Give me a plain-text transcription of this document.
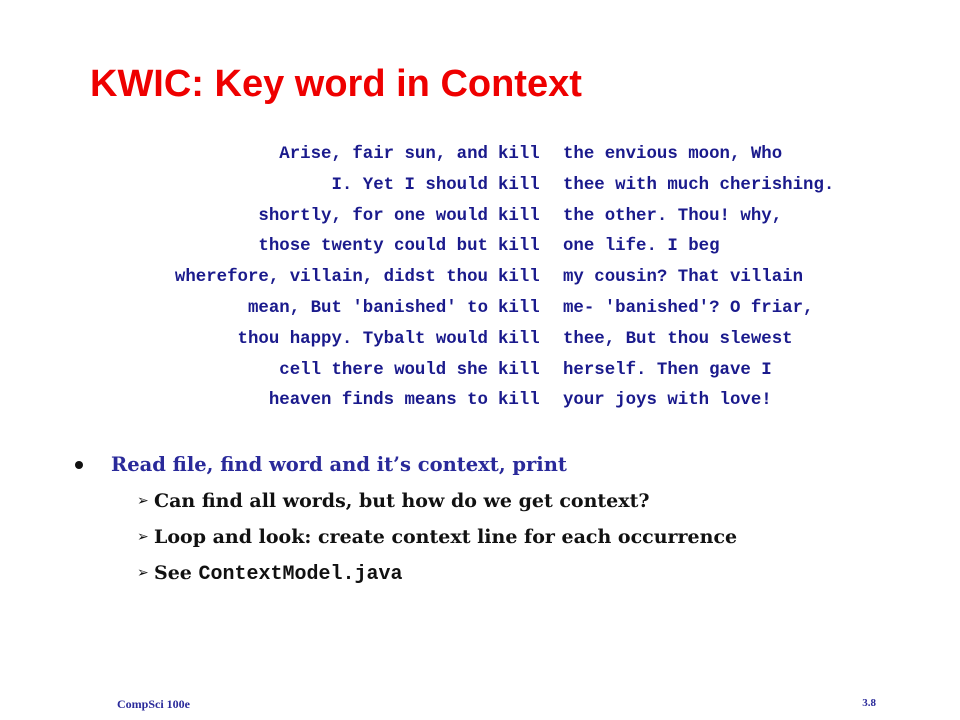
KWIC: Key word in Context
Arise, fair sun, and kill the envious moon, Who
I. Yet I should kill thee with much cherishing.
shortly, for one would kill the other. Thou! why,
those twenty could but kill one life. I beg
wherefore, villain, didst thou kill my cousin? That villain
mean, But 'banished' to kill me- 'banished'? O friar,
thou happy. Tybalt would kill thee, But thou slewest
cell there would she kill herself. Then gave I
heaven finds means to kill your joys with love!
Read file, find word and it’s context, print
➢ Can find all words, but how do we get context?
➢ Loop and look: create context line for each occurrence
➢ See ContextModel.java
CompSci 100e	3.8
